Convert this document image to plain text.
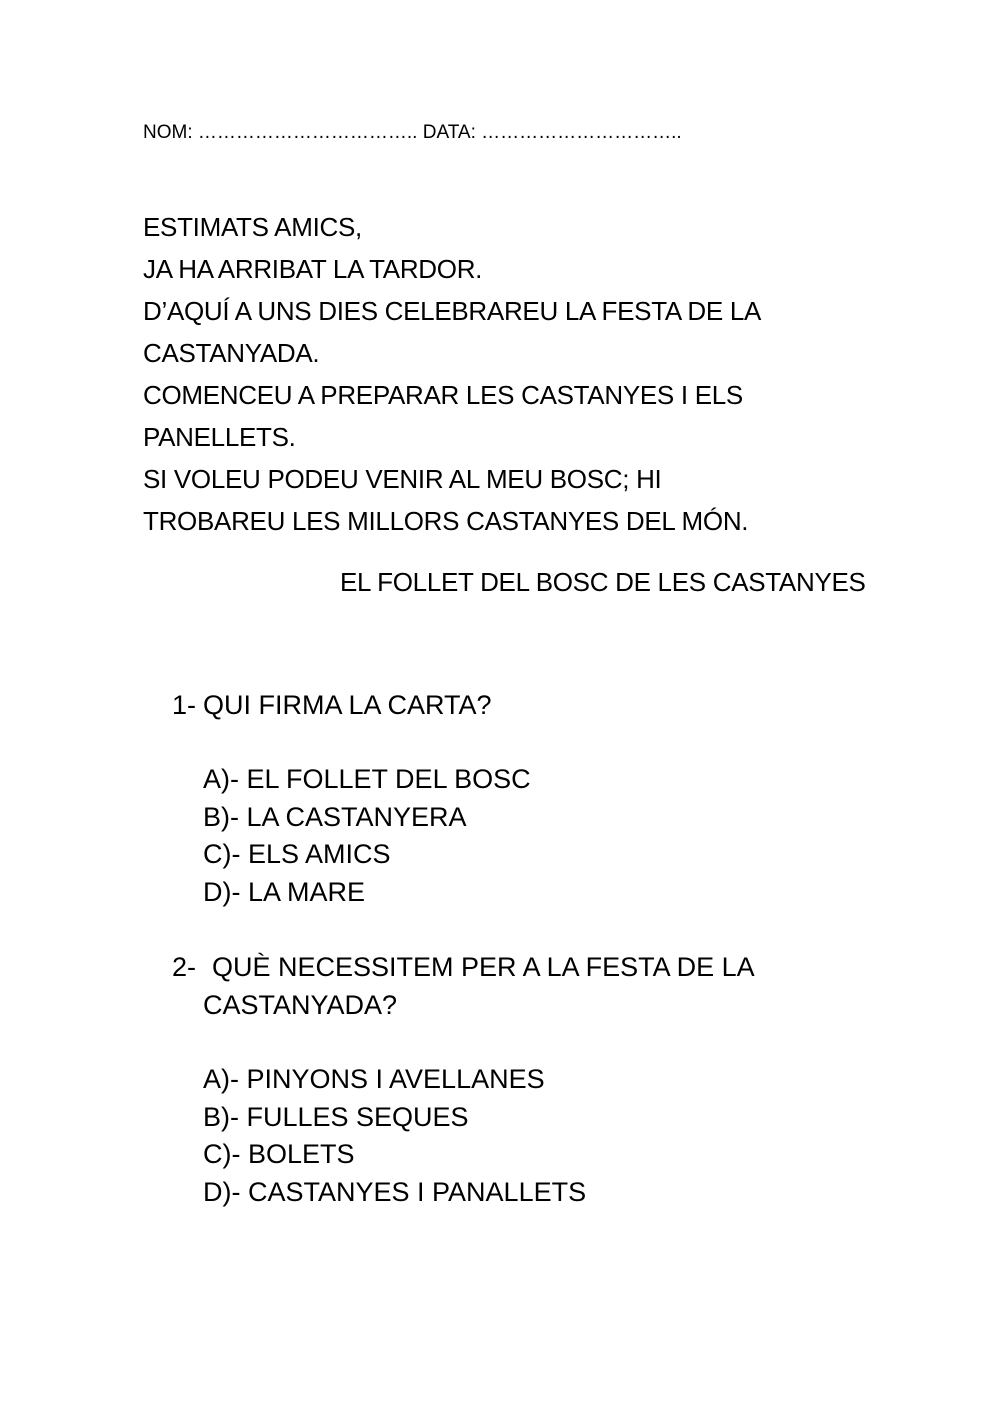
NOM: …………………………….. DATA: …………………………..

ESTIMATS AMICS,

JA HA ARRIBAT LA TARDOR.

D’AQUÍ A UNS DIES CELEBRAREU LA FESTA DE LA

CASTANYADA.

COMENCEU A PREPARAR LES CASTANYES I ELS

PANELLETS.

SI VOLEU PODEU VENIR AL MEU BOSC; HI

TROBAREU LES MILLORS CASTANYES DEL MÓN.

EL FOLLET DEL BOSC DE LES CASTANYES

1- QUI FIRMA LA CARTA?
A)- EL FOLLET DEL BOSC
B)- LA CASTANYERA
C)- ELS AMICS
D)- LA MARE
2- QUÈ NECESSITEM PER A LA FESTA DE LA
CASTANYADA?
A)- PINYONS I AVELLANES
B)- FULLES SEQUES
C)- BOLETS
D)- CASTANYES I PANALLETS
